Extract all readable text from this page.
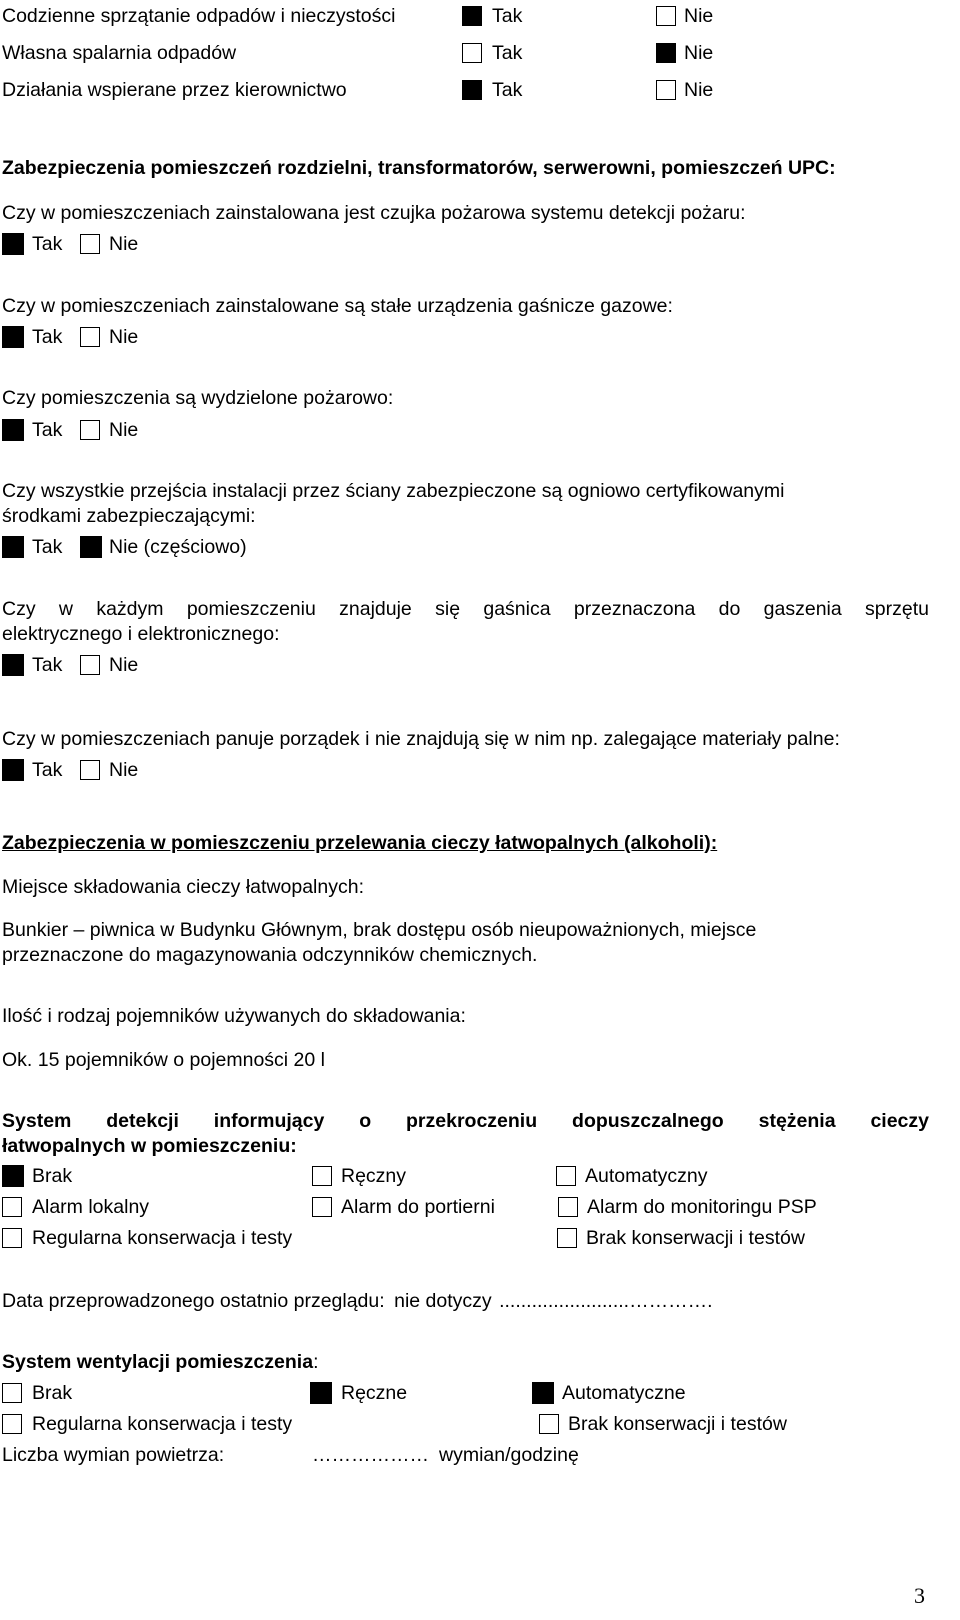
Codzienne sprzątanie odpadów i nieczystości	Tak	Nie
Własna spalarnia odpadów	Tak	Nie
Działania wspierane przez kierownictwo	Tak	Nie
Zabezpieczenia pomieszczeń rozdzielni, transformatorów, serwerowni, pomieszczeń UPC:
Czy w pomieszczeniach zainstalowana jest czujka pożarowa systemu detekcji pożaru:
Tak Nie
Czy w pomieszczeniach zainstalowane są stałe urządzenia gaśnicze gazowe:
Tak Nie
Czy pomieszczenia są wydzielone pożarowo:
Tak Nie
Czy wszystkie przejścia instalacji przez ściany zabezpieczone są ogniowo certyfikowanymi
środkami zabezpieczającymi:
Tak Nie (częściowo)
Czy w każdym pomieszczeniu znajduje się gaśnica przeznaczona do gaszenia sprzętu
elektrycznego i elektronicznego:
Tak Nie
Czy w pomieszczeniach panuje porządek i nie znajdują się w nim np. zalegające materiały palne:
Tak Nie
Zabezpieczenia w pomieszczeniu przelewania cieczy łatwopalnych (alkoholi):
Miejsce składowania cieczy łatwopalnych:
Bunkier – piwnica w Budynku Głównym, brak dostępu osób nieupoważnionych, miejsce
przeznaczone do magazynowania odczynników chemicznych.
Ilość i rodzaj pojemników używanych do składowania:
Ok. 15 pojemników o pojemności 20 l
System detekcji informujący o przekroczeniu dopuszczalnego stężenia cieczy
łatwopalnych w pomieszczeniu:
Brak	Ręczny	Automatyczny
Alarm lokalny	Alarm do portierni	Alarm do monitoringu PSP
Regularna konserwacja i testy	Brak konserwacji i testów
Data przeprowadzonego ostatnio przeglądu: nie dotyczy ........................………….
System wentylacji pomieszczenia:
Brak	Ręczne	Automatyczne
Regularna konserwacja i testy	Brak konserwacji i testów
Liczba wymian powietrza:	……………… wymian/godzinę
3
